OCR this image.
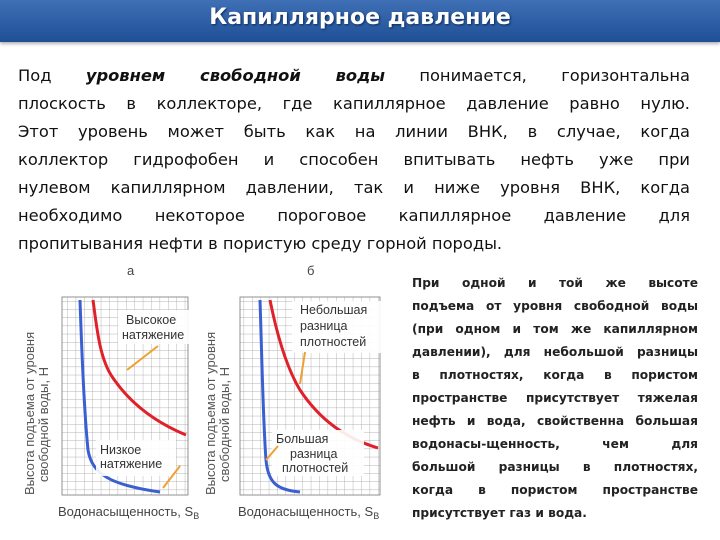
Капиллярное давление
Под уровнем свободной воды понимается, горизонтальна
плоскость в коллекторе, где капиллярное давление равно нулю.
Этот уровень может быть как на линии ВНК, в случае, когда
коллектор гидрофобен и способен впитывать нефть уже при
нулевом капиллярном давлении, так и ниже уровня ВНК, когда
необходимо некоторое пороговое капиллярное давление для
пропитывания нефти в пористую среду горной породы.
При одной и той же высоте
подъема от уровня свободной воды
(при одном и том же капиллярном
давлении), для небольшой разницы
в плотностях, когда в пористом
пространстве присутствует тяжелая
нефть и вода, свойственна большая
водонасы-щенность, чем для
большой разницы в плотностях,
когда в пористом пространстве
присутствует газ и вода.
а
Высота подъема от уровня свободной воды, H
Высокое
натяжение
Низкое
натяжение
Водонасыщенность, $S_В$
б
Высота подъема от уровня свободной воды, H
Небольшая
разница
плотностей
Большая
разница
плотностей
Водонасыщенность, $S_В$
